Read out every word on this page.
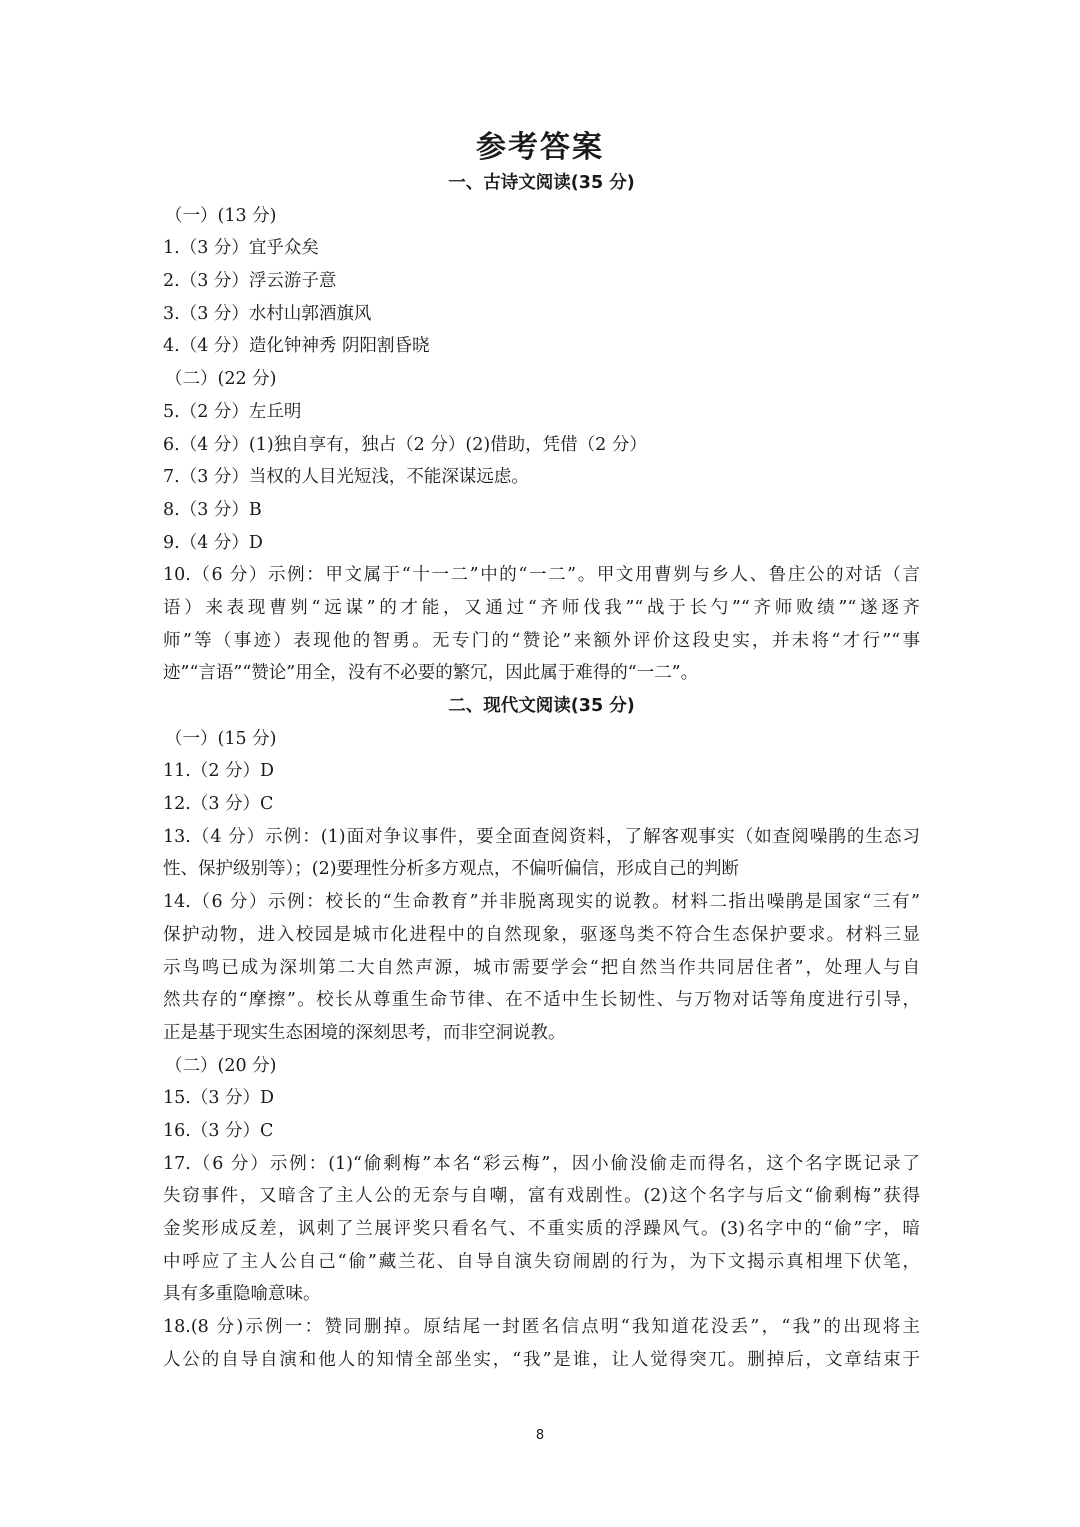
参考答案
一、古诗文阅读(35 分)
（一）(13 分)
1.（3 分）宜乎众矣
2.（3 分）浮云游子意
3.（3 分）水村山郭酒旗风
4.（4 分）造化钟神秀 阴阳割昏晓
（二）(22 分)
5.（2 分）左丘明
6.（4 分）(1)独自享有，独占（2 分）(2)借助，凭借（2 分）
7.（3 分）当权的人目光短浅，不能深谋远虑。
8.（3 分）B
9.（4 分）D
10.（6 分）示例：甲文属于“十一二”中的“一二”。甲文用曹刿与乡人、鲁庄公的对话（言
语）来表现曹刿“远谋”的才能，又通过“齐师伐我”“战于长勺”“齐师败绩”“遂逐齐
师”等（事迹）表现他的智勇。无专门的“赞论”来额外评价这段史实，并未将“才行”“事
迹”“言语”“赞论”用全，没有不必要的繁冗，因此属于难得的“一二”。
二、现代文阅读(35 分)
（一）(15 分)
11.（2 分）D
12.（3 分）C
13.（4 分）示例：(1)面对争议事件，要全面查阅资料，了解客观事实（如查阅噪鹃的生态习
性、保护级别等）；(2)要理性分析多方观点，不偏听偏信，形成自己的判断
14.（6 分）示例：校长的“生命教育”并非脱离现实的说教。材料二指出噪鹃是国家“三有”
保护动物，进入校园是城市化进程中的自然现象，驱逐鸟类不符合生态保护要求。材料三显
示鸟鸣已成为深圳第二大自然声源，城市需要学会“把自然当作共同居住者”，处理人与自
然共存的“摩擦”。校长从尊重生命节律、在不适中生长韧性、与万物对话等角度进行引导，
正是基于现实生态困境的深刻思考，而非空洞说教。
（二）(20 分)
15.（3 分）D
16.（3 分）C
17.（6 分）示例：(1)“偷剩梅”本名“彩云梅”，因小偷没偷走而得名，这个名字既记录了
失窃事件，又暗含了主人公的无奈与自嘲，富有戏剧性。(2)这个名字与后文“偷剩梅”获得
金奖形成反差，讽刺了兰展评奖只看名气、不重实质的浮躁风气。(3)名字中的“偷”字，暗
中呼应了主人公自己“偷”藏兰花、自导自演失窃闹剧的行为，为下文揭示真相埋下伏笔，
具有多重隐喻意味。
18.(8 分)示例一：赞同删掉。原结尾一封匿名信点明“我知道花没丢”，“我”的出现将主
人公的自导自演和他人的知情全部坐实，“我”是谁，让人觉得突兀。删掉后，文章结束于
8
